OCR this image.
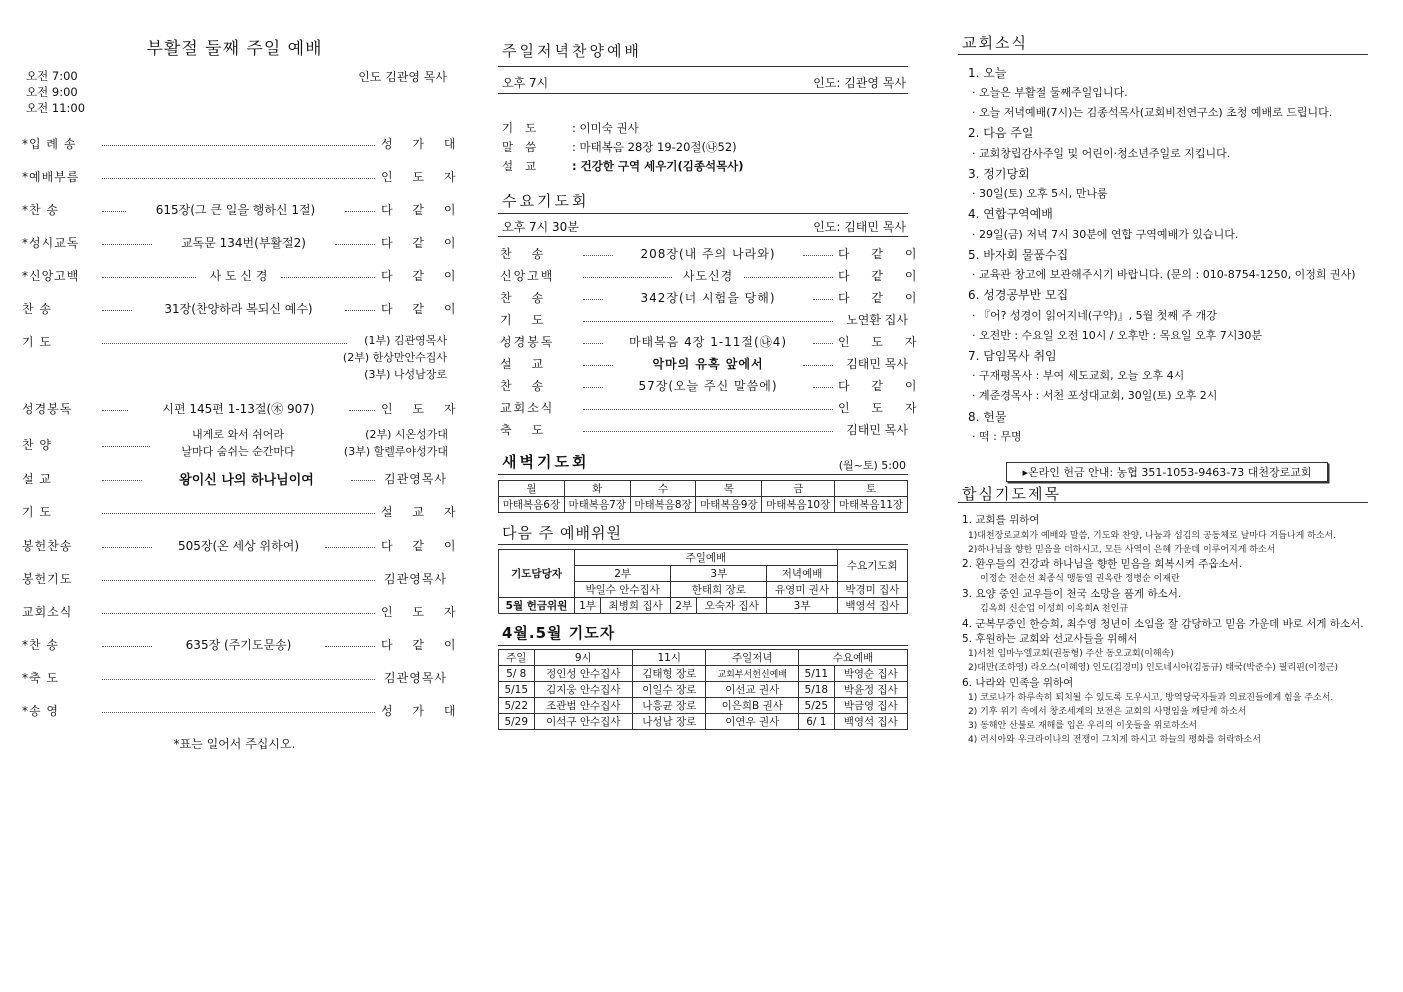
부활절 둘째 주일 예배
오전 7:00
오전 9:00
오전 11:00
인도 김관영 목사
*입 례 송	성 가 대
*예배부름	인 도 자
*찬 송	615장(그 큰 일을 행하신 1절)	다 같 이
*성시교독	교독문 134번(부활절2)	다 같 이
*신앙고백	사 도 신 경	다 같 이
찬 송	31장(찬양하라 복되신 예수)	다 같 이
기 도	(1부) 김관영목사
(2부) 한상만안수집사
(3부) 나성남장로
성경봉독	시편 145편 1-13절(㊍ 907)	인 도 자
찬 양
내게로 와서 쉬어라	(2부) 시온성가대
날마다 숨쉬는 순간마다	(3부) 할렐루야성가대
설 교	왕이신 나의 하나님이여	김관영목사
기 도	설 교 자
봉헌찬송	505장(온 세상 위하여)	다 같 이
봉헌기도	김관영목사
교회소식	인 도 자
*찬 송	635장 (주기도문송)	다 같 이
*축 도	김관영목사
*송 영	성 가 대
*표는 일어서 주십시오.
주일저녁찬양예배
오후 7시	인도: 김관영 목사
기도	: 이미숙 권사
말씀	: 마태복음 28장 19-20절(㉯52)
설교	: 건강한 구역 세우기(김종석목사)
수요기도회
오후 7시 30분	인도: 김태민 목사
찬송	208장(내 주의 나라와)	다 같 이
신앙고백	사도신경	다 같 이
찬송	342장(너 시험을 당해)	다 같 이
기도	노연환 집사
성경봉독	마태복음 4장 1-11절(㉯4)	인 도 자
설교	악마의 유혹 앞에서	김태민 목사
찬송	57장(오늘 주신 말씀에)	다 같 이
교회소식	인 도 자
축도	김태민 목사
새벽기도회	(월~토) 5:00
월	화	수	목	금	토
마태복음6장	마태복음7장	마태복음8장	마태복음9장	마태복음10장	마태복음11장
다음 주 예배위원
기도담당자	주일예배					수요기도회
	2부		3부		저녁예배	
	박일수 안수집사		한태희 장로		유영미 권사	박경미 집사
5월 헌금위원	1부	최병희 집사	2부	오숙자 집사	3부	백영석 집사
4월.5월 기도자
주일	9시	11시	주일저녁	수요예배	
5/ 8	정인성 안수집사	김태형 장로	교회부서헌신예배	5/11	박영순 집사
5/15	김지웅 안수집사	이일수 장로	이선교 권사	5/18	박윤정 집사
5/22	조관범 안수집사	나흥균 장로	이은희B 권사	5/25	박금영 집사
5/29	이석구 안수집사	나성남 장로	이연우 권사	6/ 1	백영석 집사
교회소식
1. 오늘
· 오늘은 부활절 둘째주일입니다.
· 오늘 저녁예배(7시)는 김종석목사(교회비전연구소) 초청 예배로 드립니다.
2. 다음 주일
· 교회창립감사주일 및 어린이·청소년주일로 지킵니다.
3. 정기당회
· 30일(토) 오후 5시, 만나룸
4. 연합구역예배
· 29일(금) 저녁 7시 30분에 연합 구역예배가 있습니다.
5. 바자회 물품수집
· 교육관 창고에 보관해주시기 바랍니다. (문의 : 010-8754-1250, 이정희 권사)
6. 성경공부반 모집
· 『어? 성경이 읽어지네(구약)』, 5월 첫째 주 개강
· 오전반 : 수요일 오전 10시 / 오후반 : 목요일 오후 7시30분
7. 담임목사 취임
· 구재평목사 : 부여 세도교회, 오늘 오후 4시
· 계준경목사 : 서천 포성대교회, 30일(토) 오후 2시
8. 헌물
· 떡 : 무명
▸온라인 헌금 안내: 농협 351-1053-9463-73 대천장로교회
합심기도제목
1. 교회를 위하여
1)대천장로교회가 예배와 말씀, 기도와 찬양, 나눔과 섬김의 공동체로 날마다 거듭나게 하소서.
2)하나님을 향한 믿음을 더하시고, 모든 사역이 은혜 가운데 이루어지게 하소서
2. 환우들의 건강과 하나님을 향한 믿음을 회복시켜 주옵소서.
이정순 전순선 최종식 맹동열 권옥란 정병순 이재란
3. 요양 중인 교우들이 천국 소망을 품게 하소서.
김옥희 신순업 이성희 이옥희A 천인규
4. 군복무중인 한승희, 최수영 청년이 소임을 잘 감당하고 믿음 가운데 바로 서게 하소서.
5. 후원하는 교회와 선교사들을 위해서
1)서천 임마누엘교회(권동형) 주산 동오교회(이해속)
2)대만(조하영) 라오스(이혜영) 인도(김경미) 인도네시아(김동규) 태국(박준수) 필리핀(이정근)
6. 나라와 민족을 위하여
1) 코로나가 하루속히 퇴치될 수 있도록 도우시고, 방역당국자들과 의료진들에게 힘을 주소서.
2) 기후 위기 속에서 창조세계의 보전은 교회의 사명임을 깨닫게 하소서
3) 동해안 산불로 재해를 입은 우리의 이웃들을 위로하소서
4) 러시아와 우크라이나의 전쟁이 그치게 하시고 하늘의 평화를 허락하소서
